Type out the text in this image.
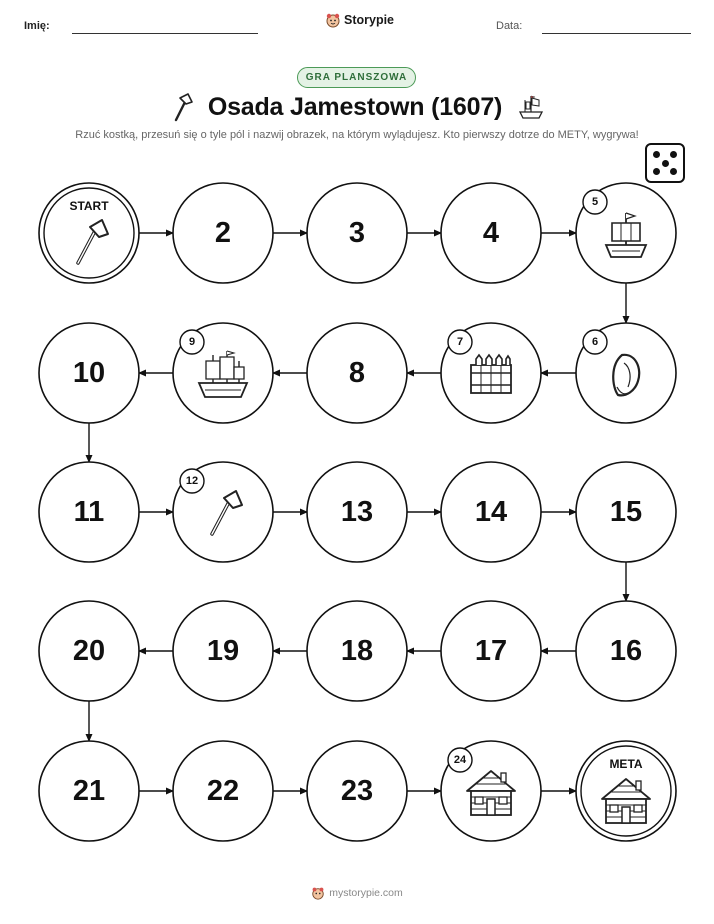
Imię:	Storypie	Data:
GRA PLANSZOWA
Osada Jamestown (1607)
Rzuć kostką, przesuń się o tyle pól i nazwij obrazek, na którym wylądujesz. Kto pierwszy dotrze do METY, wygrywa!
START
2	3	4
5
6
7
8
9
10
11
12
13	14	15
16
17
18
19
20
21	22	23
24	META
mystorypie.com
